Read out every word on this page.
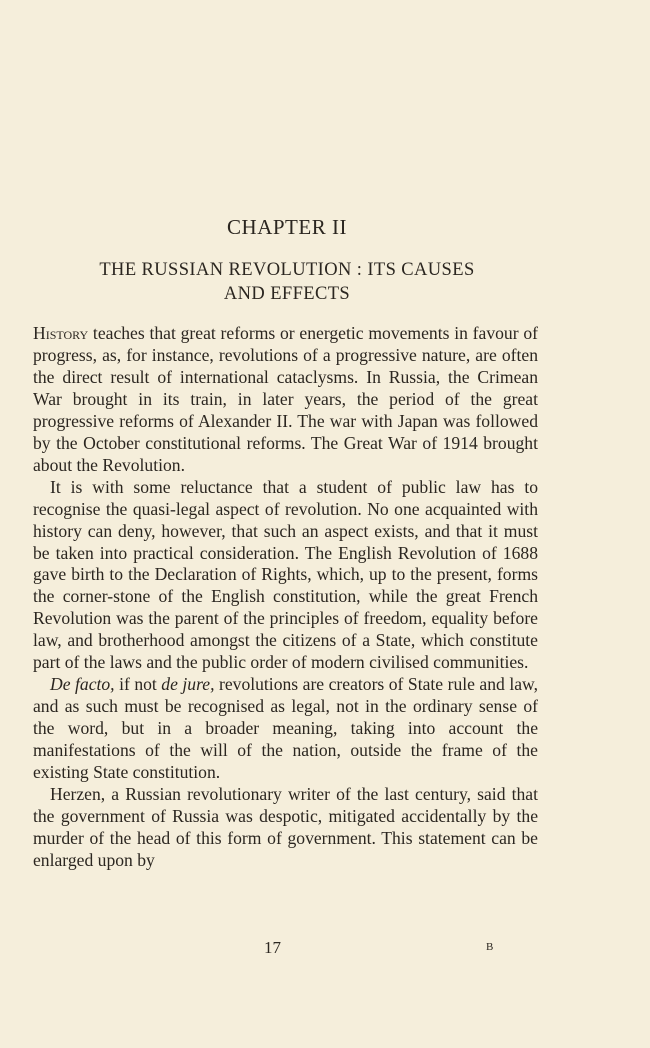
CHAPTER II
THE RUSSIAN REVOLUTION : ITS CAUSES
AND EFFECTS

History teaches that great reforms or energetic movements in favour of progress, as, for instance, revolutions of a progressive nature, are often the direct result of international cataclysms. In Russia, the Crimean War brought in its train, in later years, the period of the great progressive reforms of Alexander II. The war with Japan was followed by the October constitutional reforms. The Great War of 1914 brought about the Revolution.

It is with some reluctance that a student of public law has to recognise the quasi-legal aspect of revolution. No one acquainted with history can deny, however, that such an aspect exists, and that it must be taken into practical consideration. The English Revolution of 1688 gave birth to the Declaration of Rights, which, up to the present, forms the corner-stone of the English constitution, while the great French Revolution was the parent of the principles of freedom, equality before law, and brotherhood amongst the citizens of a State, which constitute part of the laws and the public order of modern civilised communities.

De facto, if not de jure, revolutions are creators of State rule and law, and as such must be recognised as legal, not in the ordinary sense of the word, but in a broader meaning, taking into account the manifestations of the will of the nation, outside the frame of the existing State constitution.

Herzen, a Russian revolutionary writer of the last century, said that the government of Russia was despotic, mitigated accidentally by the murder of the head of this form of government. This statement can be enlarged upon by

17	B
